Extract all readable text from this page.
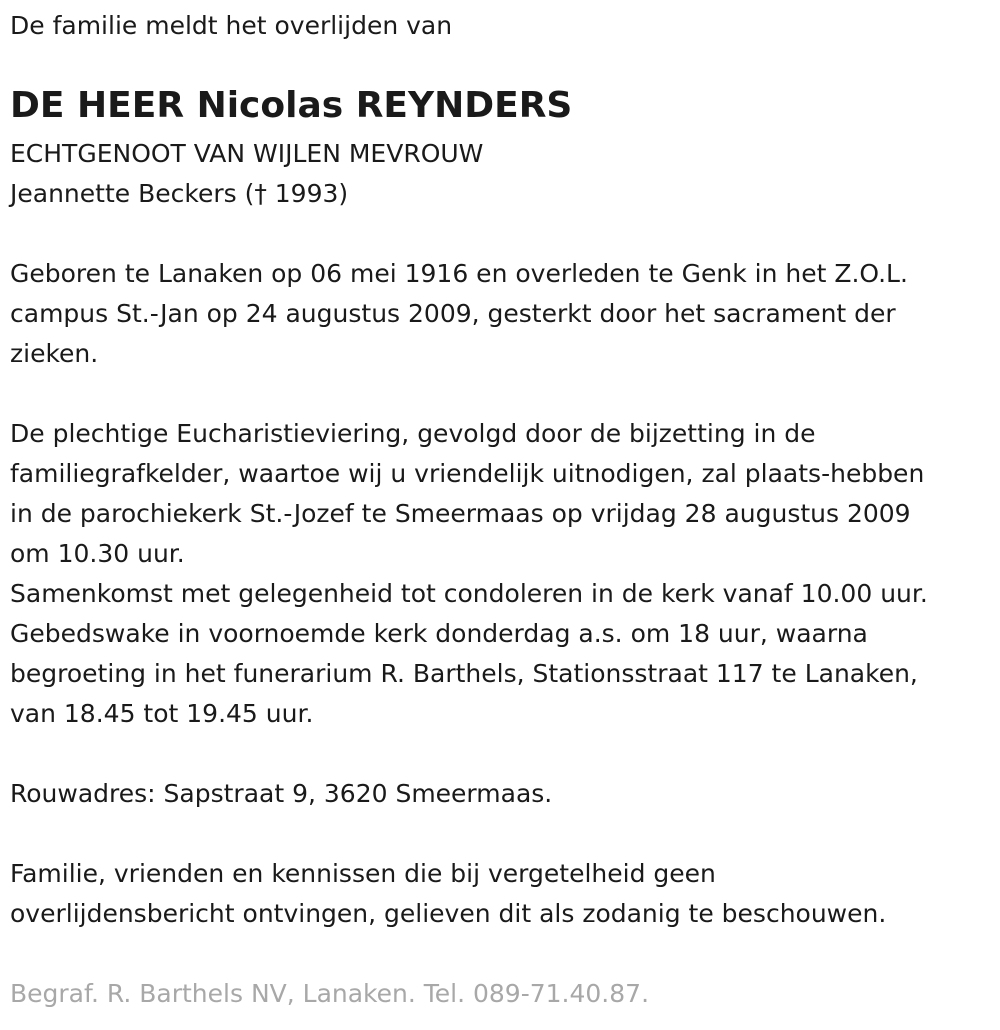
De familie meldt het overlijden van

DE HEER Nicolas REYNDERS

ECHTGENOOT VAN WIJLEN MEVROUW

Jeannette Beckers († 1993)

Geboren te Lanaken op 06 mei 1916 en overleden te Genk in het Z.O.L.

campus St.-Jan op 24 augustus 2009, gesterkt door het sacrament der

zieken.

De plechtige Eucharistieviering, gevolgd door de bijzetting in de

familiegrafkelder, waartoe wij u vriendelijk uitnodigen, zal plaats-hebben

in de parochiekerk St.-Jozef te Smeermaas op vrijdag 28 augustus 2009

om 10.30 uur.

Samenkomst met gelegenheid tot condoleren in de kerk vanaf 10.00 uur.

Gebedswake in voornoemde kerk donderdag a.s. om 18 uur, waarna

begroeting in het funerarium R. Barthels, Stationsstraat 117 te Lanaken,

van 18.45 tot 19.45 uur.

Rouwadres: Sapstraat 9, 3620 Smeermaas.

Familie, vrienden en kennissen die bij vergetelheid geen

overlijdensbericht ontvingen, gelieven dit als zodanig te beschouwen.

Begraf. R. Barthels NV, Lanaken. Tel. 089-71.40.87.
